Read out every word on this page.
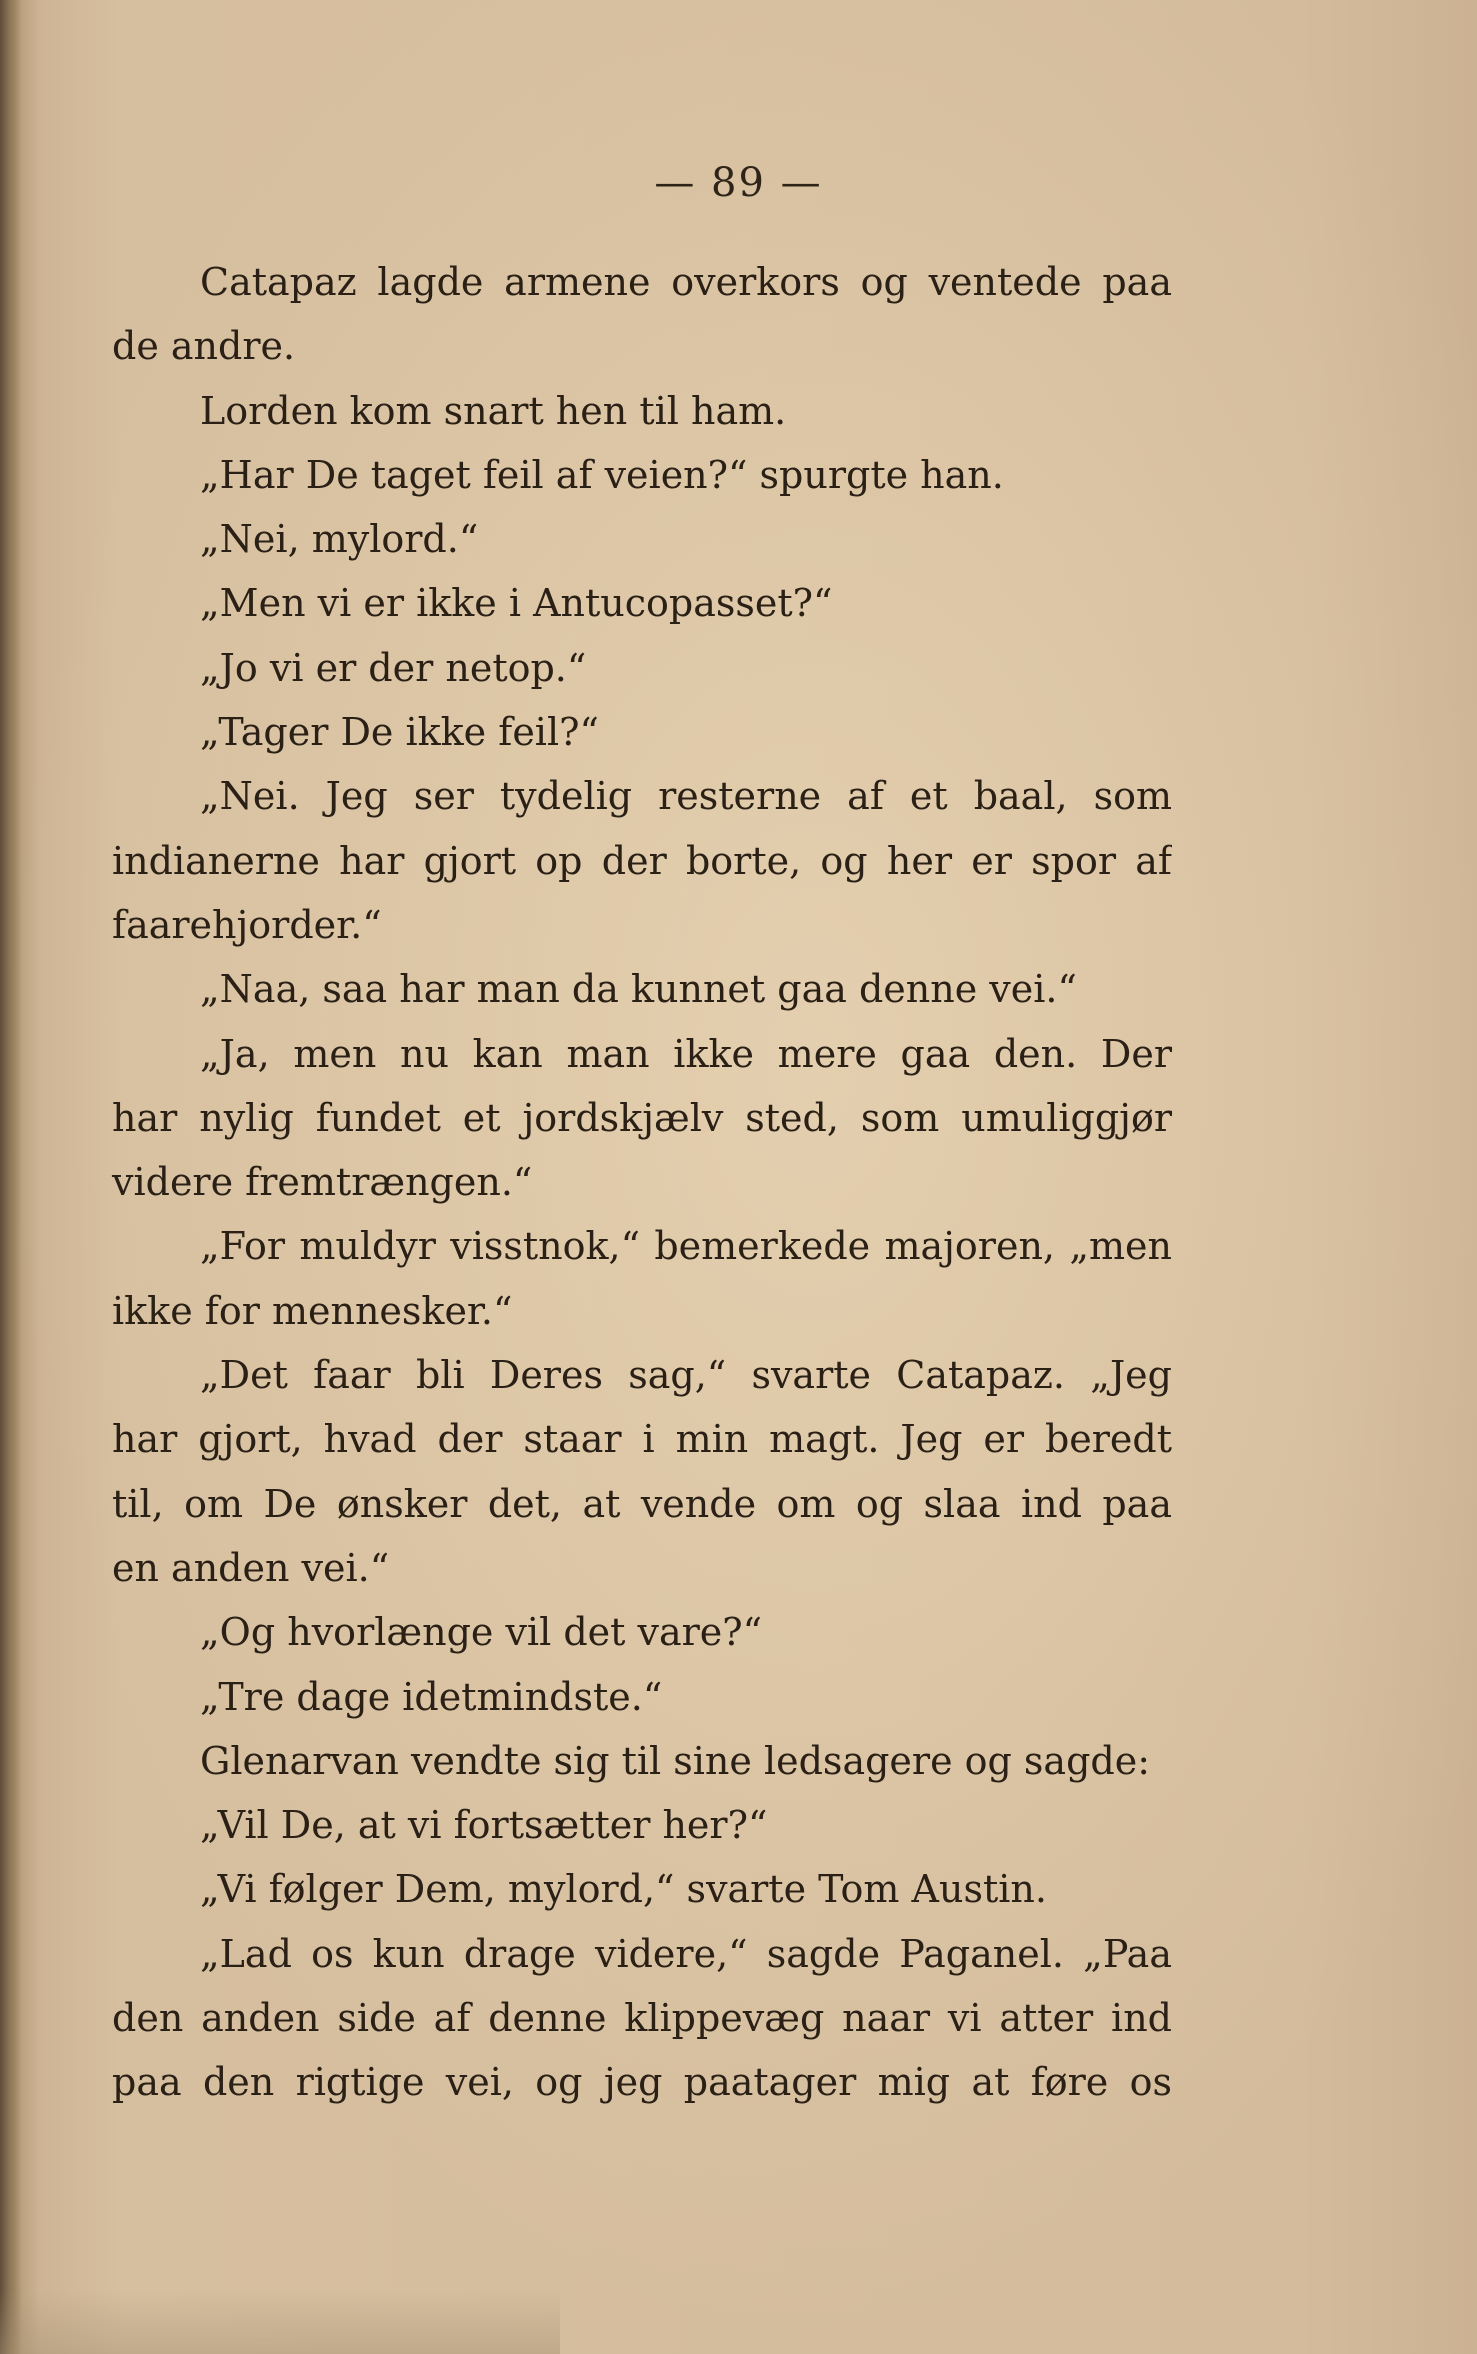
— 89 —
Catapaz lagde armene overkors og ventede paa
de andre.
Lorden kom snart hen til ham.
„Har De taget feil af veien?“ spurgte han.
„Nei, mylord.“
„Men vi er ikke i Antucopasset?“
„Jo vi er der netop.“
„Tager De ikke feil?“
„Nei. Jeg ser tydelig resterne af et baal, som
indianerne har gjort op der borte, og her er spor af
faarehjorder.“
„Naa, saa har man da kunnet gaa denne vei.“
„Ja, men nu kan man ikke mere gaa den. Der
har nylig fundet et jordskjælv sted, som umuliggjør
videre fremtrængen.“
„For muldyr visstnok,“ bemerkede majoren, „men
ikke for mennesker.“
„Det faar bli Deres sag,“ svarte Catapaz. „Jeg
har gjort, hvad der staar i min magt. Jeg er beredt
til, om De ønsker det, at vende om og slaa ind paa
en anden vei.“
„Og hvorlænge vil det vare?“
„Tre dage idetmindste.“
Glenarvan vendte sig til sine ledsagere og sagde:
„Vil De, at vi fortsætter her?“
„Vi følger Dem, mylord,“ svarte Tom Austin.
„Lad os kun drage videre,“ sagde Paganel. „Paa
den anden side af denne klippevæg naar vi atter ind
paa den rigtige vei, og jeg paatager mig at føre os
